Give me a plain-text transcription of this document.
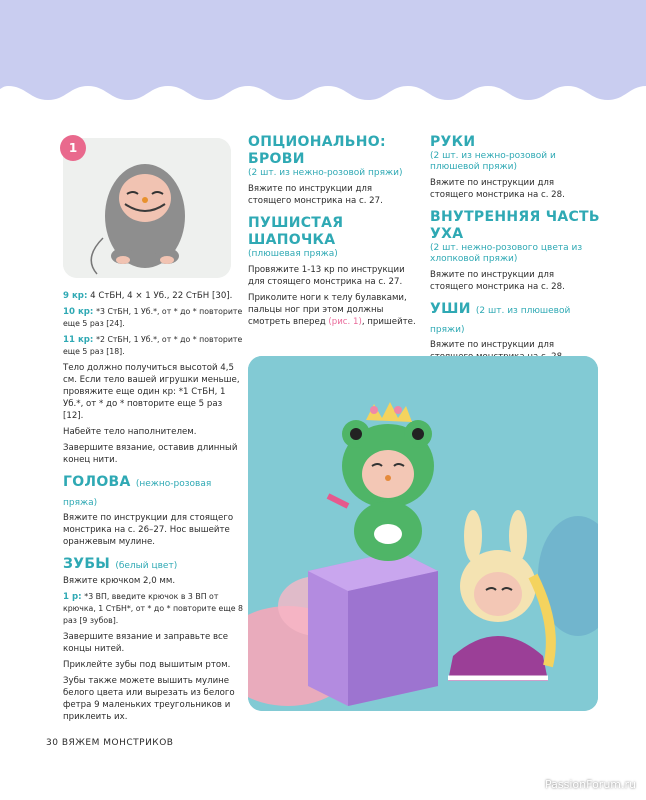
1

9 кр: 4 СтБН, 4 × 1 Уб., 22 СтБН [30].

10 кр: *3 СтБН, 1 Уб.*, от * до * повторите еще 5 раз [24].

11 кр: *2 СтБН, 1 Уб.*, от * до * повторите еще 5 раз [18].

Тело должно получиться высотой 4,5 см. Если тело вашей игрушки меньше, провяжите еще один кр: *1 СтБН, 1 Уб.*, от * до * повторите еще 5 раз [12].

Набейте тело наполнителем.

Завершите вязание, оставив длинный конец нити.

ГОЛОВА (нежно-розовая пряжа)

Вяжите по инструкции для стоящего монстрика на с. 26–27. Нос вышейте оранжевым мулине.

ЗУБЫ (белый цвет)

Вяжите крючком 2,0 мм.

1 р: *3 ВП, введите крючок в 3 ВП от крючка, 1 СтБН*, от * до * повторите еще 8 раз [9 зубов].

Завершите вязание и заправьте все концы нитей.

Приклейте зубы под вышитым ртом.

Зубы также можете вышить мулине белого цвета или вырезать из белого фетра 9 маленьких треугольников и приклеить их.

ОПЦИОНАЛЬНО: БРОВИ

(2 шт. из нежно-розовой пряжи)

Вяжите по инструкции для стоящего монстрика на с. 27.

ПУШИСТАЯ ШАПОЧКА

(плюшевая пряжа)

Провяжите 1-13 кр по инструкции для стоящего монстрика на с. 27.

Приколите ноги к телу булавками, пальцы ног при этом должны смотреть вперед (рис. 1), пришейте.

РУКИ

(2 шт. из нежно-розовой и плюшевой пряжи)

Вяжите по инструкции для стоящего монстрика на с. 28.

ВНУТРЕННЯЯ ЧАСТЬ УХА

(2 шт. нежно-розового цвета из хлопковой пряжи)

Вяжите по инструкции для стоящего монстрика на с. 28.

УШИ (2 шт. из плюшевой пряжи)

Вяжите по инструкции для

30 ВЯЖЕМ МОНСТРИКОВ
PassionForum.ru
